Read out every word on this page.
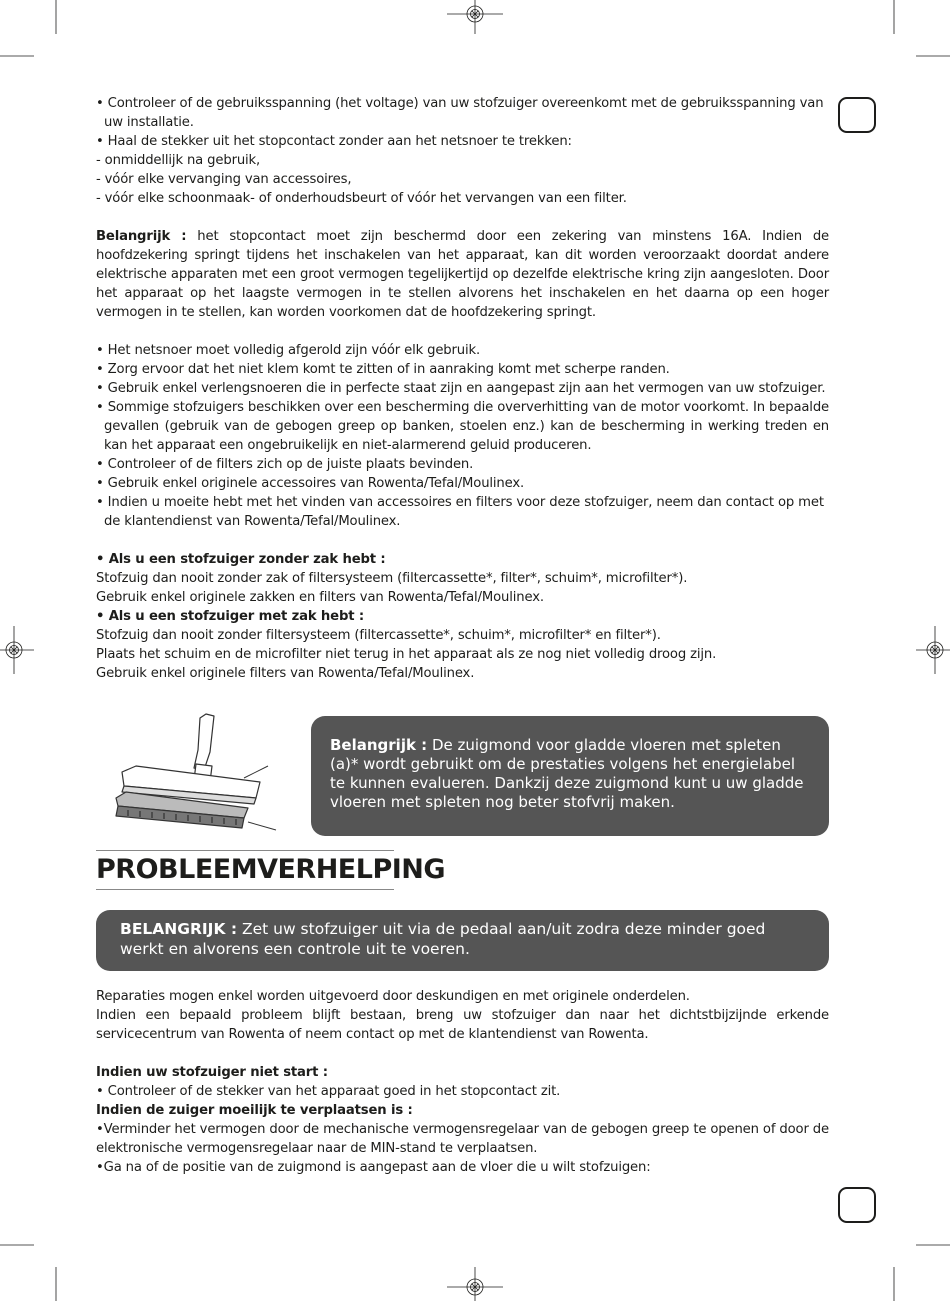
• Controleer of de gebruiksspanning (het voltage) van uw stofzuiger overeenkomt met de gebruiksspanning van uw installatie.

• Haal de stekker uit het stopcontact zonder aan het netsnoer te trekken:

- onmiddellijk na gebruik,

- vóór elke vervanging van accessoires,

- vóór elke schoonmaak- of onderhoudsbeurt of vóór het vervangen van een filter.

Belangrijk : het stopcontact moet zijn beschermd door een zekering van minstens 16A. Indien de hoofdzekering springt tijdens het inschakelen van het apparaat, kan dit worden veroorzaakt doordat andere elektrische apparaten met een groot vermogen tegelijkertijd op dezelfde elektrische kring zijn aangesloten. Door het apparaat op het laagste vermogen in te stellen alvorens het inschakelen en het daarna op een hoger vermogen in te stellen, kan worden voorkomen dat de hoofdzekering springt.

• Het netsnoer moet volledig afgerold zijn vóór elk gebruik.

• Zorg ervoor dat het niet klem komt te zitten of in aanraking komt met scherpe randen.

• Gebruik enkel verlengsnoeren die in perfecte staat zijn en aangepast zijn aan het vermogen van uw stofzuiger.

• Sommige stofzuigers beschikken over een bescherming die oververhitting van de motor voorkomt. In bepaalde gevallen (gebruik van de gebogen greep op banken, stoelen enz.) kan de bescherming in werking treden en kan het apparaat een ongebruikelijk en niet-alarmerend geluid produceren.

• Controleer of de filters zich op de juiste plaats bevinden.

• Gebruik enkel originele accessoires van Rowenta/Tefal/Moulinex.

• Indien u moeite hebt met het vinden van accessoires en filters voor deze stofzuiger, neem dan contact op met de klantendienst van Rowenta/Tefal/Moulinex.

• Als u een stofzuiger zonder zak hebt :

Stofzuig dan nooit zonder zak of filtersysteem (filtercassette*, filter*, schuim*, microfilter*).

Gebruik enkel originele zakken en filters van Rowenta/Tefal/Moulinex.

• Als u een stofzuiger met zak hebt :

Stofzuig dan nooit zonder filtersysteem (filtercassette*, schuim*, microfilter* en filter*).

Plaats het schuim en de microfilter niet terug in het apparaat als ze nog niet volledig droog zijn.

Gebruik enkel originele filters van Rowenta/Tefal/Moulinex.

Belangrijk : De zuigmond voor gladde vloeren met spleten (a)* wordt gebruikt om de prestaties volgens het energielabel te kunnen evalueren. Dankzij deze zuigmond kunt u uw gladde vloeren met spleten nog beter stofvrij maken.
PROBLEEMVERHELPING
BELANGRIJK : Zet uw stofzuiger uit via de pedaal aan/uit zodra deze minder goed werkt en alvorens een controle uit te voeren.

Reparaties mogen enkel worden uitgevoerd door deskundigen en met originele onderdelen.

Indien een bepaald probleem blijft bestaan, breng uw stofzuiger dan naar het dichtstbijzijnde erkende servicecentrum van Rowenta of neem contact op met de klantendienst van Rowenta.

Indien uw stofzuiger niet start :

• Controleer of de stekker van het apparaat goed in het stopcontact zit.

Indien de zuiger moeilijk te verplaatsen is :

•Verminder het vermogen door de mechanische vermogensregelaar van de gebogen greep te openen of door de elektronische vermogensregelaar naar de MIN-stand te verplaatsen.

•Ga na of de positie van de zuigmond is aangepast aan de vloer die u wilt stofzuigen:
